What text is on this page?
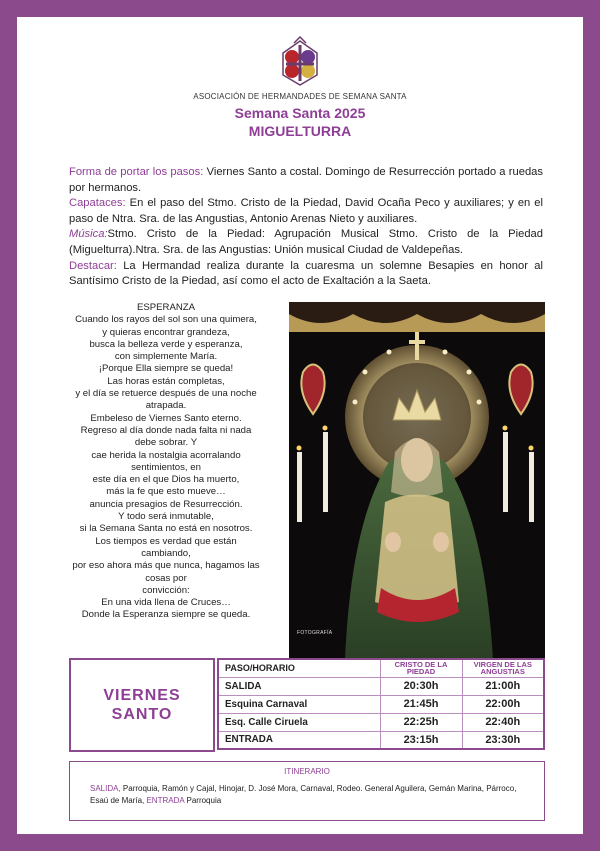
ASOCIACIÓN DE HERMANDADES DE SEMANA SANTA
Semana Santa 2025
MIGUELTURRA

Forma de portar los pasos: Viernes Santo a costal. Domingo de Resurrección portado a ruedas por hermanos.

Capataces: En el paso del Stmo. Cristo de la Piedad, David Ocaña Peco y auxiliares; y en el paso de Ntra. Sra. de las Angustias, Antonio Arenas Nieto y auxiliares.

Música:Stmo. Cristo de la Piedad: Agrupación Musical Stmo. Cristo de la Piedad (Miguelturra).Ntra. Sra. de las Angustias: Unión musical Ciudad de Valdepeñas.

Destacar: La Hermandad realiza durante la cuaresma un solemne Besapies en honor al Santísimo Cristo de la Piedad, así como el acto de Exaltación a la Saeta.

ESPERANZA
Cuando los rayos del sol son una quimera,
y quieras encontrar grandeza,
busca la belleza verde y esperanza,
con simplemente María.
¡Porque Ella siempre se queda!
Las horas están completas,
y el día se retuerce después de una noche atrapada.
Embeleso de Viernes Santo eterno.
Regreso al día donde nada falta ni nada debe sobrar. Y
cae herida la nostalgia acorralando sentimientos, en
este día en el que Dios ha muerto,
más la fe que esto mueve…
anuncia presagios de Resurrección.
Y todo será inmutable,
si la Semana Santa no está en nosotros.
Los tiempos es verdad que están cambiando,
por eso ahora más que nunca, hagamos las cosas por
convicción:
En una vida llena de Cruces…
Donde la Esperanza siempre se queda.
FOTOGRAFÍA
VIERNES SANTO
PASO/HORARIO	CRISTO DE LA PIEDAD	VIRGEN DE LAS ANGUSTIAS
SALIDA	20:30h	21:00h
Esquina Carnaval	21:45h	22:00h
Esq. Calle Ciruela	22:25h	22:40h
ENTRADA	23:15h	23:30h
ITINERARIO
SALIDA, Parroquia, Ramón y Cajal, Hinojar, D. José Mora, Carnaval, Rodeo. General Aguilera, Gemán Marina, Párroco, Esaú de María, ENTRADA Parroquia
